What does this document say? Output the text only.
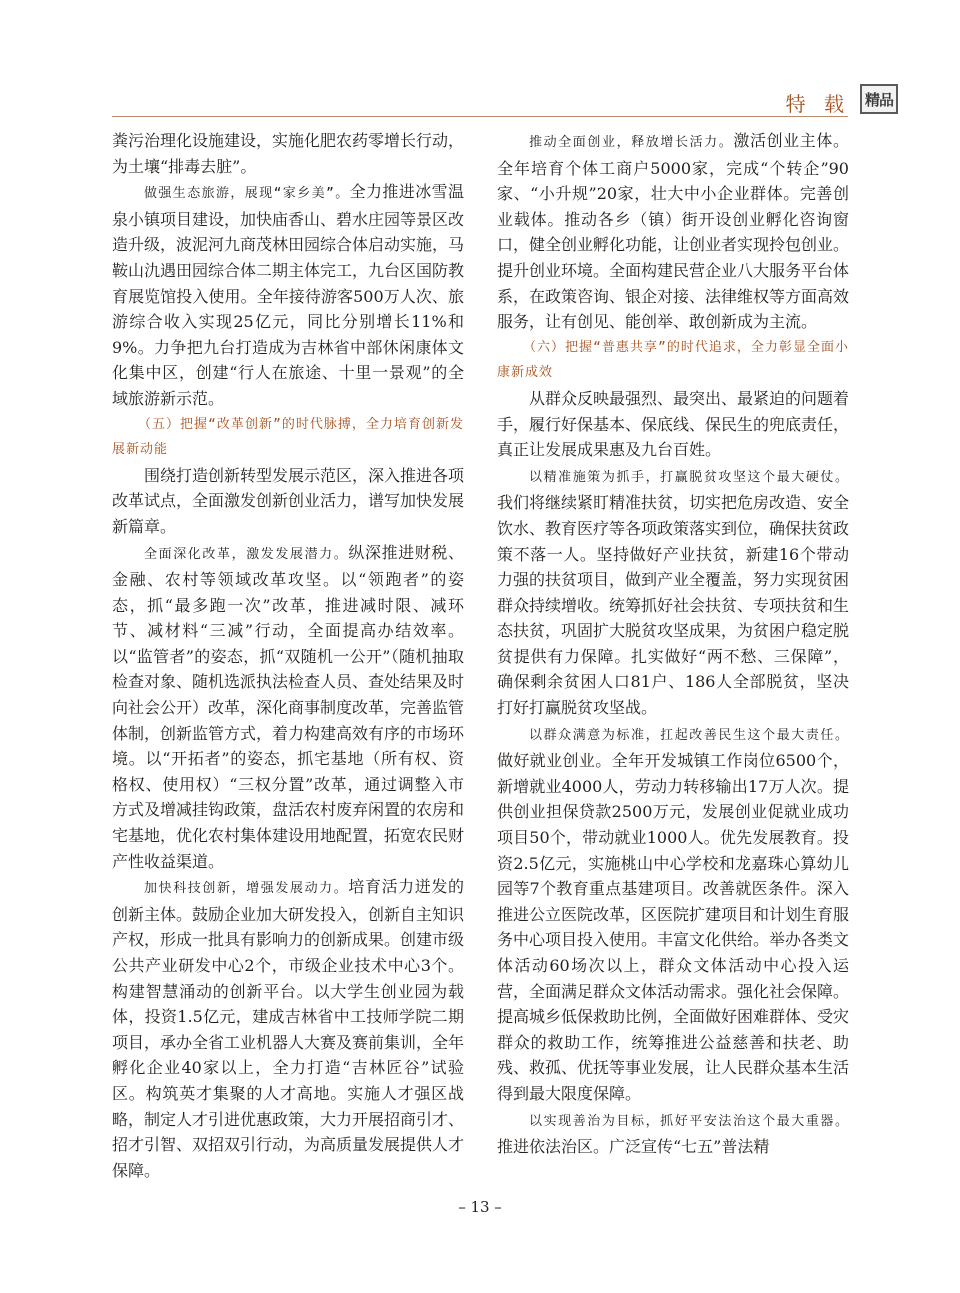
特 载 精品

粪污治理化设施建设，实施化肥农药零增长行动，为土壤“排毒去脏”。

做强生态旅游，展现“家乡美”。全力推进冰雪温泉小镇项目建设，加快庙香山、碧水庄园等景区改造升级，波泥河九商茂林田园综合体启动实施，马鞍山氿遇田园综合体二期主体完工，九台区国防教育展览馆投入使用。全年接待游客500万人次、旅游综合收入实现25亿元，同比分别增长11%和9%。力争把九台打造成为吉林省中部休闲康体文化集中区，创建“行人在旅途、十里一景观”的全域旅游新示范。

（五）把握“改革创新”的时代脉搏，全力培育创新发展新动能

围绕打造创新转型发展示范区，深入推进各项改革试点，全面激发创新创业活力，谱写加快发展新篇章。

全面深化改革，激发发展潜力。纵深推进财税、金融、农村等领域改革攻坚。以“领跑者”的姿态，抓“最多跑一次”改革，推进减时限、减环节、减材料“三减”行动，全面提高办结效率。以“监管者”的姿态，抓“双随机一公开”（随机抽取检查对象、随机选派执法检查人员、查处结果及时向社会公开）改革，深化商事制度改革，完善监管体制，创新监管方式，着力构建高效有序的市场环境。以“开拓者”的姿态，抓宅基地（所有权、资格权、使用权）“三权分置”改革，通过调整入市方式及增减挂钩政策，盘活农村废弃闲置的农房和宅基地，优化农村集体建设用地配置，拓宽农民财产性收益渠道。

加快科技创新，增强发展动力。培育活力迸发的创新主体。鼓励企业加大研发投入，创新自主知识产权，形成一批具有影响力的创新成果。创建市级公共产业研发中心2个，市级企业技术中心3个。构建智慧涌动的创新平台。以大学生创业园为载体，投资1.5亿元，建成吉林省中工技师学院二期项目，承办全省工业机器人大赛及赛前集训，全年孵化企业40家以上，全力打造“吉林匠谷”试验区。构筑英才集聚的人才高地。实施人才强区战略，制定人才引进优惠政策，大力开展招商引才、招才引智、双招双引行动，为高质量发展提供人才保障。

推动全面创业，释放增长活力。激活创业主体。全年培育个体工商户5000家，完成“个转企”90家、“小升规”20家，壮大中小企业群体。完善创业载体。推动各乡（镇）街开设创业孵化咨询窗口，健全创业孵化功能，让创业者实现拎包创业。提升创业环境。全面构建民营企业八大服务平台体系，在政策咨询、银企对接、法律维权等方面高效服务，让有创见、能创举、敢创新成为主流。

（六）把握“普惠共享”的时代追求，全力彰显全面小康新成效

从群众反映最强烈、最突出、最紧迫的问题着手，履行好保基本、保底线、保民生的兜底责任，真正让发展成果惠及九台百姓。

以精准施策为抓手，打赢脱贫攻坚这个最大硬仗。我们将继续紧盯精准扶贫，切实把危房改造、安全饮水、教育医疗等各项政策落实到位，确保扶贫政策不落一人。坚持做好产业扶贫，新建16个带动力强的扶贫项目，做到产业全覆盖，努力实现贫困群众持续增收。统筹抓好社会扶贫、专项扶贫和生态扶贫，巩固扩大脱贫攻坚成果，为贫困户稳定脱贫提供有力保障。扎实做好“两不愁、三保障”，确保剩余贫困人口81户、186人全部脱贫，坚决打好打赢脱贫攻坚战。

以群众满意为标准，扛起改善民生这个最大责任。做好就业创业。全年开发城镇工作岗位6500个，新增就业4000人，劳动力转移输出17万人次。提供创业担保贷款2500万元，发展创业促就业成功项目50个，带动就业1000人。优先发展教育。投资2.5亿元，实施桃山中心学校和龙嘉珠心算幼儿园等7个教育重点基建项目。改善就医条件。深入推进公立医院改革，区医院扩建项目和计划生育服务中心项目投入使用。丰富文化供给。举办各类文体活动60场次以上，群众文体活动中心投入运营，全面满足群众文体活动需求。强化社会保障。提高城乡低保救助比例，全面做好困难群体、受灾群众的救助工作，统筹推进公益慈善和扶老、助残、救孤、优抚等事业发展，让人民群众基本生活得到最大限度保障。

以实现善治为目标，抓好平安法治这个最大重器。推进依法治区。广泛宣传“七五”普法精

– 13 –
